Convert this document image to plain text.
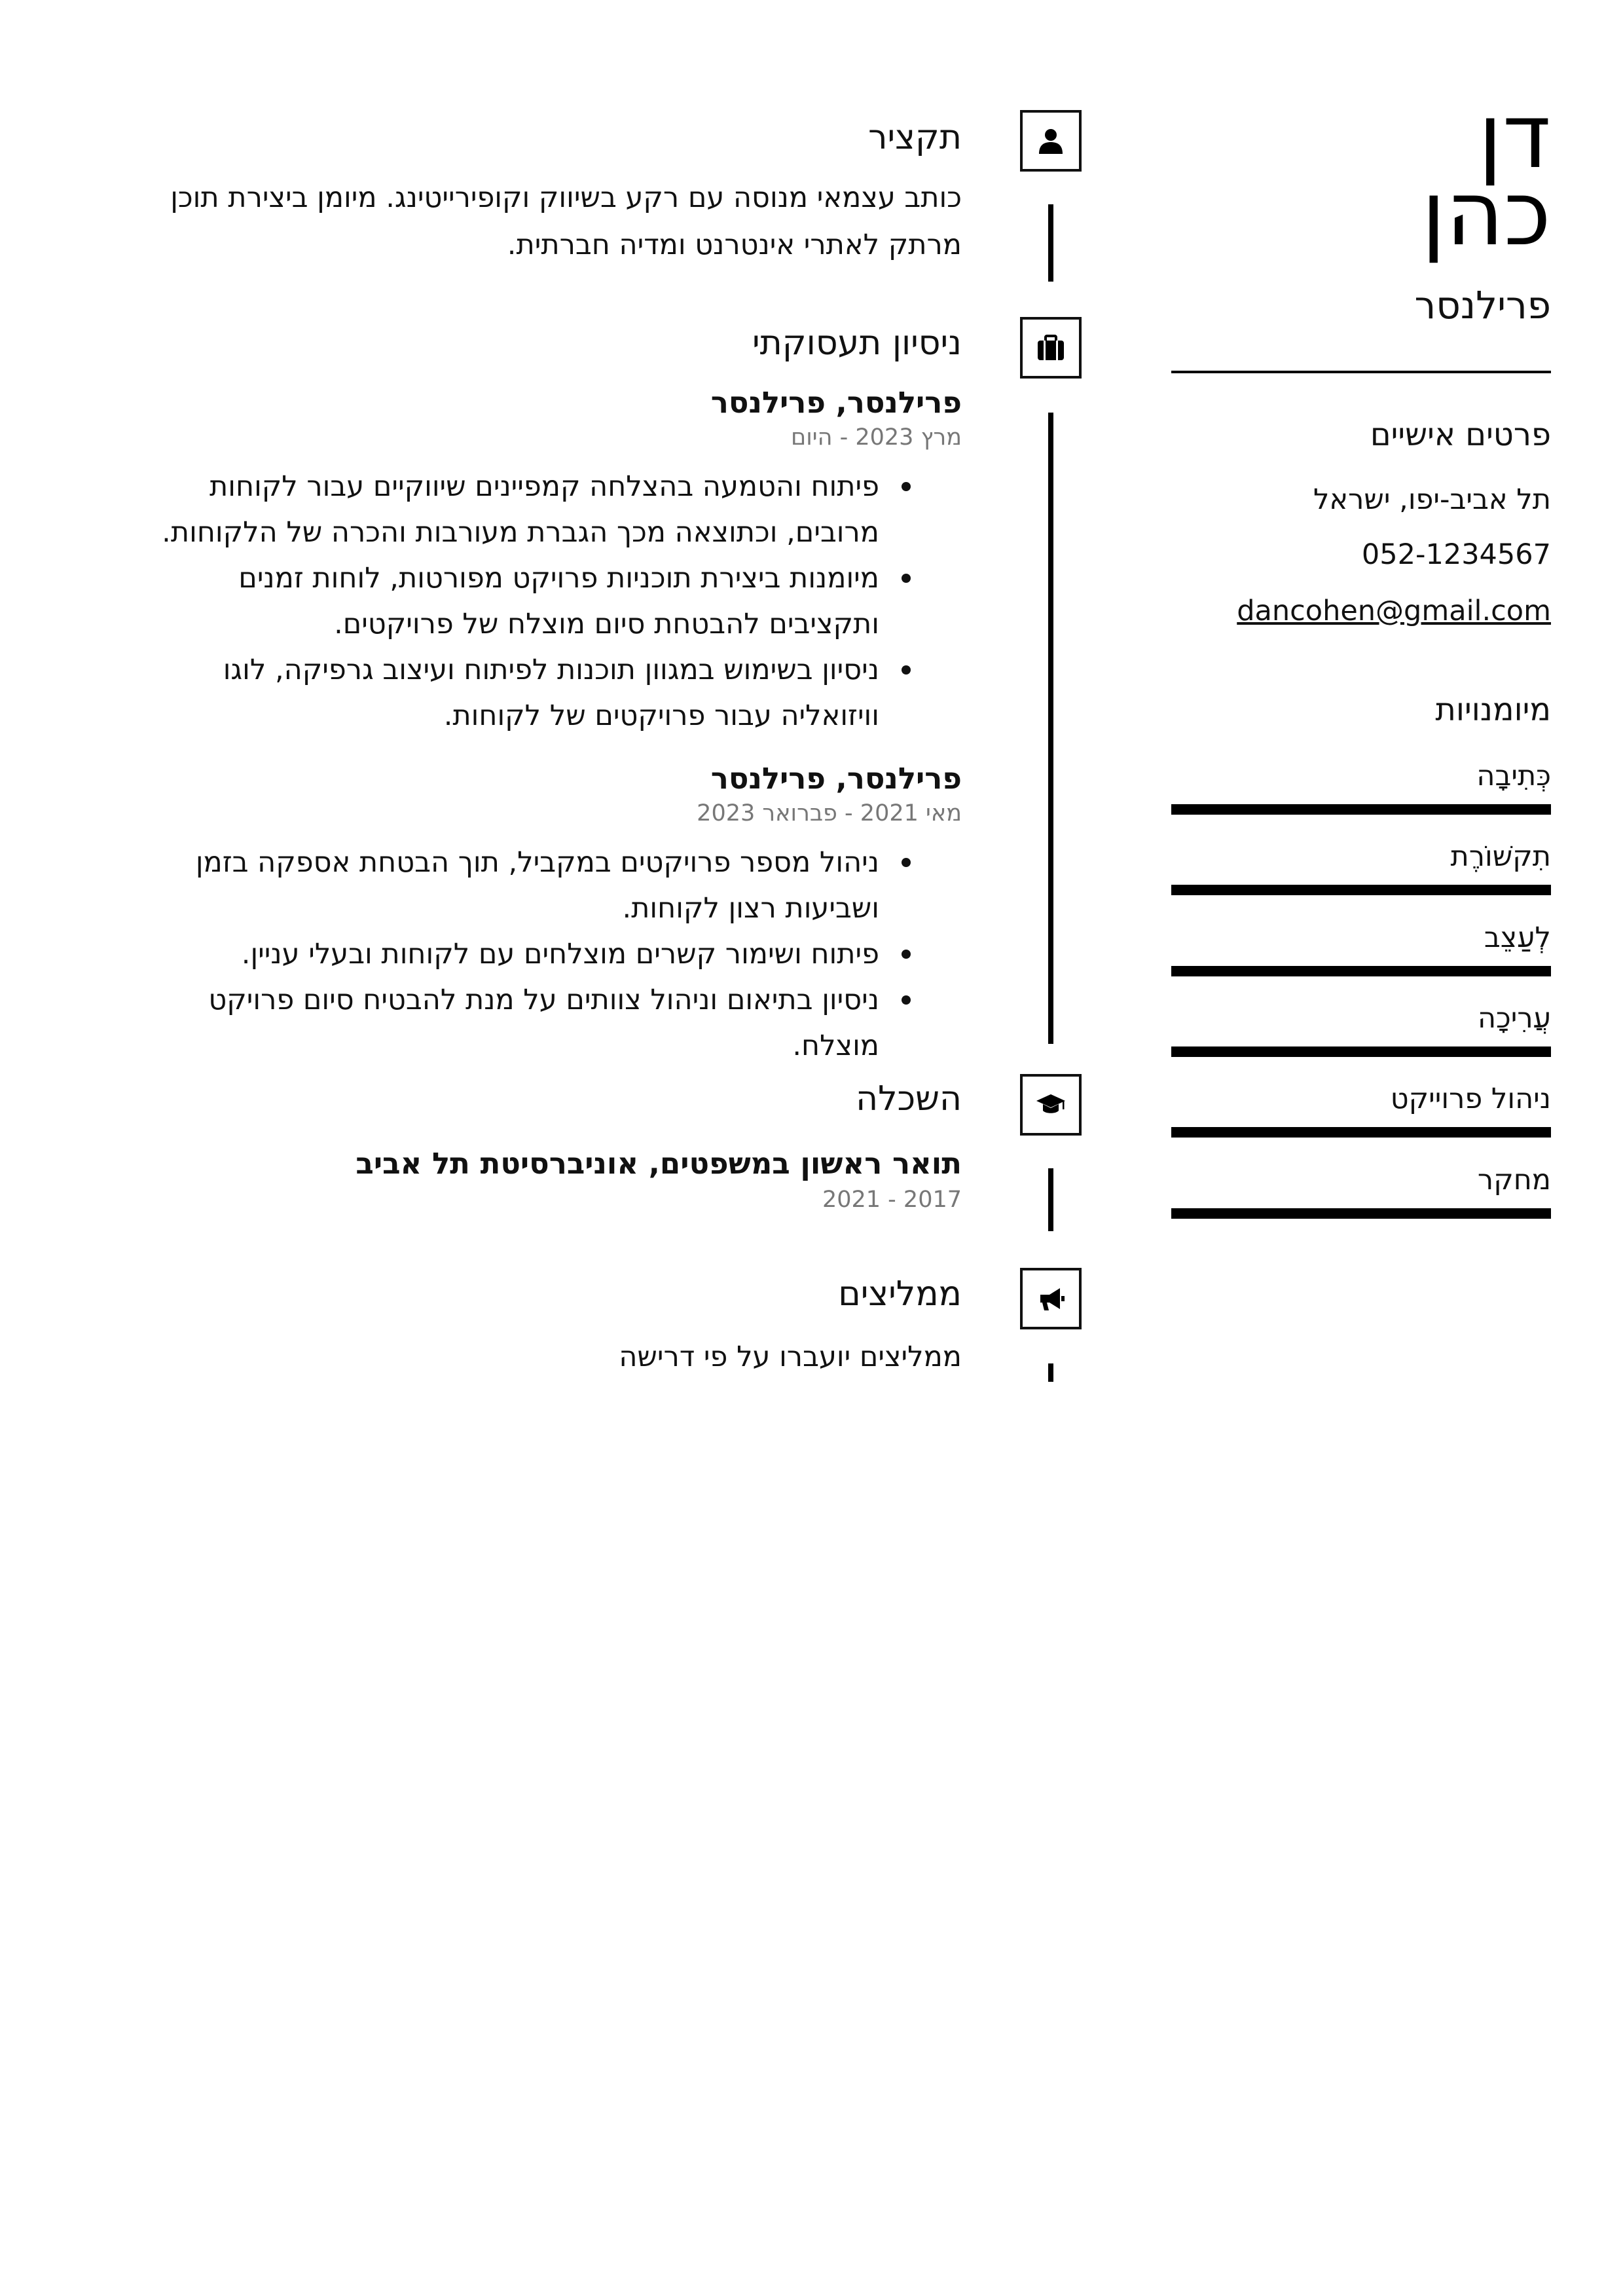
דן
כהן
פרילנסר
פרטים אישיים
תל אביב-יפו, ישראל
052-1234567
dancohen@gmail.com
מיומנויות
כְּתִיבָה
תִקשׁוֹרֶת
לְעַצֵב
עֲרִיכָה
ניהול פרוייקט
מחקר
תקציר
כותב עצמאי מנוסה עם רקע בשיווק וקופירייטינג. מיומן ביצירת תוכן מרתק לאתרי אינטרנט ומדיה חברתית.
ניסיון תעסוקתי
פרילנסר, פרילנסר
מרץ 2023 - היום
פיתוח והטמעה בהצלחה קמפיינים שיווקיים עבור לקוחות מרובים, וכתוצאה מכך הגברת מעורבות והכרה של הלקוחות.
מיומנות ביצירת תוכניות פרויקט מפורטות, לוחות זמנים ותקציבים להבטחת סיום מוצלח של פרויקטים.
ניסיון בשימוש במגוון תוכנות לפיתוח ועיצוב גרפיקה, לוגו וויזואליה עבור פרויקטים של לקוחות.
פרילנסר, פרילנסר
מאי 2021 - פברואר 2023
ניהול מספר פרויקטים במקביל, תוך הבטחת אספקה בזמן ושביעות רצון לקוחות.
פיתוח ושימור קשרים מוצלחים עם לקוחות ובעלי עניין.
ניסיון בתיאום וניהול צוותים על מנת להבטיח סיום פרויקט מוצלח.
השכלה
תואר ראשון במשפטים, אוניברסיטת תל אביב
2017 - 2021
ממליצים
ממליצים יועברו על פי דרישה
